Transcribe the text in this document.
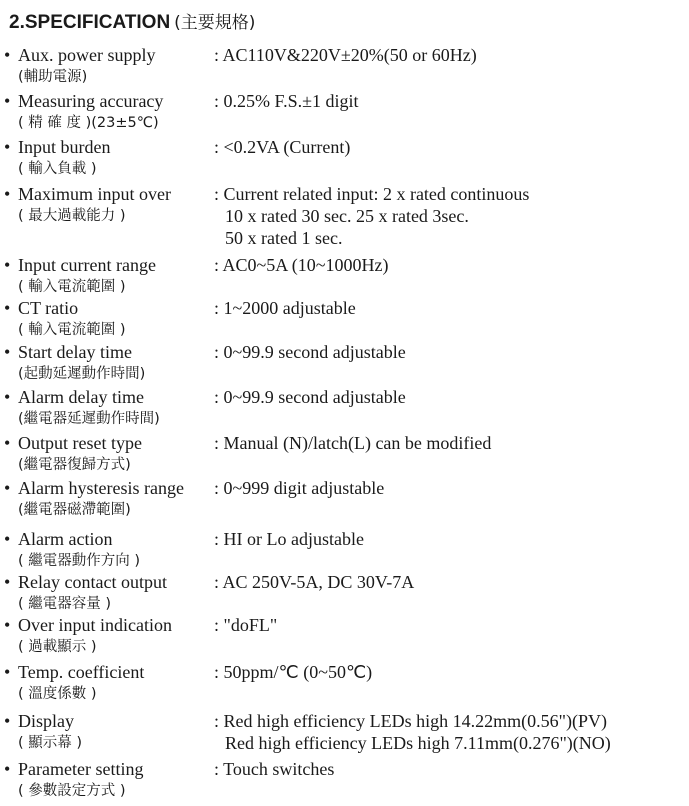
2.SPECIFICATION (主要規格)
• Aux. power supply
(輔助電源)
: AC110V&220V±20%(50 or 60Hz)
• Measuring accuracy
( 精 確 度 )(23±5℃)
: 0.25% F.S.±1 digit
• Input burden
( 輸入負載 )
: <0.2VA (Current)
• Maximum input over
( 最大過載能力 )
: Current related input: 2 x rated continuous
10 x rated 30 sec. 25 x rated 3sec.
50 x rated 1 sec.
• Input current range
( 輸入電流範圍 )
: AC0~5A (10~1000Hz)
• CT ratio
( 輸入電流範圍 )
: 1~2000 adjustable
• Start delay time
(起動延遲動作時間)
: 0~99.9 second adjustable
• Alarm delay time
(繼電器延遲動作時間)
: 0~99.9 second adjustable
• Output reset type
(繼電器復歸方式)
: Manual (N)/latch(L) can be modified
• Alarm hysteresis range
(繼電器磁滯範圍)
: 0~999 digit adjustable
• Alarm action
( 繼電器動作方向 )
: HI or Lo adjustable
• Relay contact output
( 繼電器容量 )
: AC 250V-5A, DC 30V-7A
• Over input indication
( 過載顯示 )
: "doFL"
• Temp. coefficient
( 溫度係數 )
: 50ppm/℃ (0~50℃)
• Display
( 顯示幕 )
: Red high efficiency LEDs high 14.22mm(0.56")(PV)
Red high efficiency LEDs high 7.11mm(0.276")(NO)
• Parameter setting
( 參數設定方式 )
: Touch switches
